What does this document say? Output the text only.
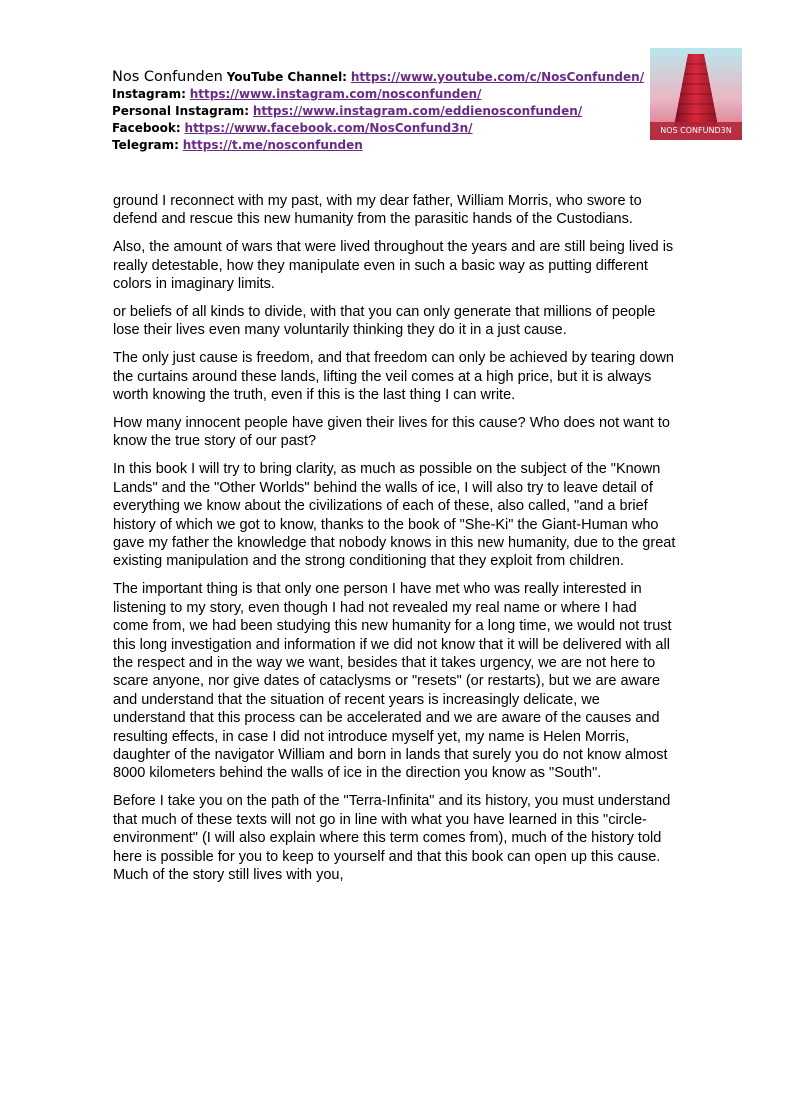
Nos Confunden YouTube Channel: https://www.youtube.com/c/NosConfunden/
Instagram: https://www.instagram.com/nosconfunden/
Personal Instagram: https://www.instagram.com/eddienosconfunden/
Facebook: https://www.facebook.com/NosConfund3n/
Telegram: https://t.me/nosconfunden
NOS CONFUND3N

ground I reconnect with my past, with my dear father, William Morris, who swore to defend and rescue this new humanity from the parasitic hands of the Custodians.

Also, the amount of wars that were lived throughout the years and are still being lived is really detestable, how they manipulate even in such a basic way as putting different colors in imaginary limits.

or beliefs of all kinds to divide, with that you can only generate that millions of people lose their lives even many voluntarily thinking they do it in a just cause.

The only just cause is freedom, and that freedom can only be achieved by tearing down the curtains around these lands, lifting the veil comes at a high price, but it is always worth knowing the truth, even if this is the last thing I can write.

How many innocent people have given their lives for this cause? Who does not want to know the true story of our past?

In this book I will try to bring clarity, as much as possible on the subject of the "Known Lands" and the "Other Worlds" behind the walls of ice, I will also try to leave detail of everything we know about the civilizations of each of these, also called, "and a brief history of which we got to know, thanks to the book of "She-Ki" the Giant-Human who gave my father the knowledge that nobody knows in this new humanity, due to the great existing manipulation and the strong conditioning that they exploit from children.

The important thing is that only one person I have met who was really interested in listening to my story, even though I had not revealed my real name or where I had come from, we had been studying this new humanity for a long time, we would not trust this long investigation and information if we did not know that it will be delivered with all the respect and in the way we want, besides that it takes urgency, we are not here to scare anyone, nor give dates of cataclysms or "resets" (or restarts), but we are aware and understand that the situation of recent years is increasingly delicate, we understand that this process can be accelerated and we are aware of the causes and resulting effects, in case I did not introduce myself yet, my name is Helen Morris, daughter of the navigator William and born in lands that surely you do not know almost 8000 kilometers behind the walls of ice in the direction you know as "South".

Before I take you on the path of the "Terra-Infinita" and its history, you must understand that much of these texts will not go in line with what you have learned in this "circle-environment" (I will also explain where this term comes from), much of the history told here is possible for you to keep to yourself and that this book can open up this cause. Much of the story still lives with you,
